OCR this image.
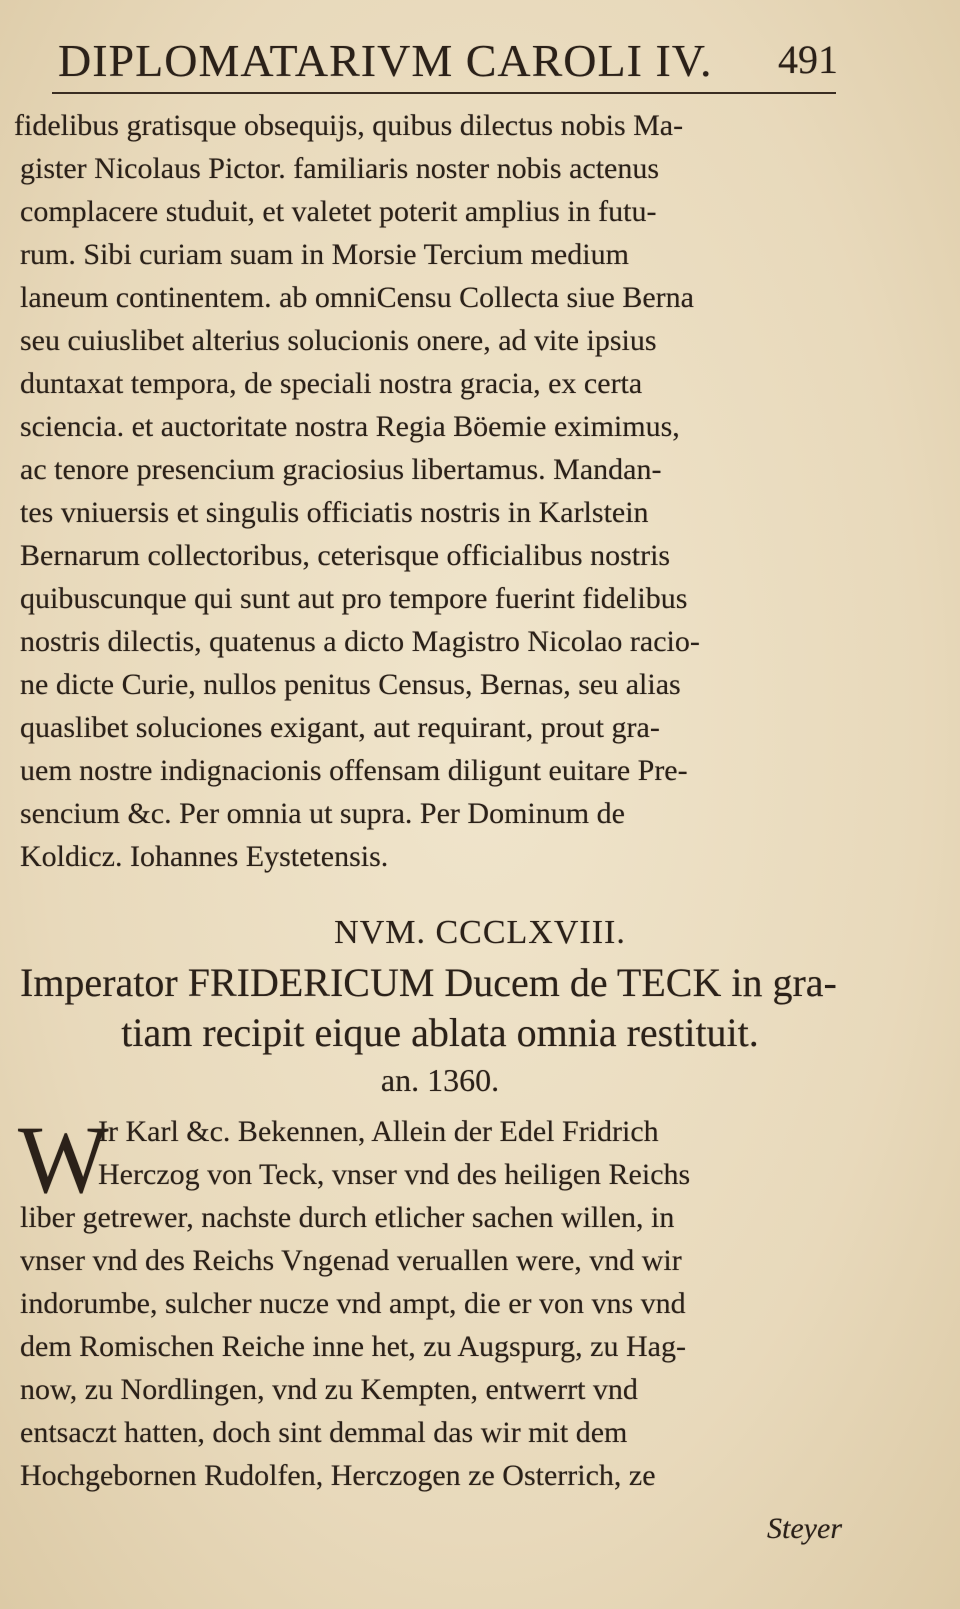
DIPLOMATARIVM CAROLI IV. 491
fidelibus gratisque obsequijs, quibus dilectus nobis Ma-
gister Nicolaus Pictor. familiaris noster nobis actenus
complacere studuit, et valetet poterit amplius in futu-
rum. Sibi curiam suam in Morsie Tercium medium
laneum continentem. ab omniCensu Collecta siue Berna
seu cuiuslibet alterius solucionis onere, ad vite ipsius
duntaxat tempora, de speciali nostra gracia, ex certa
sciencia. et auctoritate nostra Regia Böemie eximimus,
ac tenore presencium graciosius libertamus. Mandan-
tes vniuersis et singulis officiatis nostris in Karlstein
Bernarum collectoribus, ceterisque officialibus nostris
quibuscunque qui sunt aut pro tempore fuerint fidelibus
nostris dilectis, quatenus a dicto Magistro Nicolao racio-
ne dicte Curie, nullos penitus Census, Bernas, seu alias
quaslibet soluciones exigant, aut requirant, prout gra-
uem nostre indignacionis offensam diligunt euitare Pre-
sencium &c. Per omnia ut supra. Per Dominum de
Koldicz. Iohannes Eystetensis.
NVM. CCCLXVIII.
Imperator FRIDERICUM Ducem de TECK in gra-
tiam recipit eique ablata omnia restituit.
an. 1360.
W
Ir Karl &c. Bekennen, Allein der Edel Fridrich
Herczog von Teck, vnser vnd des heiligen Reichs
liber getrewer, nachste durch etlicher sachen willen, in
vnser vnd des Reichs Vngenad veruallen were, vnd wir
indorumbe, sulcher nucze vnd ampt, die er von vns vnd
dem Romischen Reiche inne het, zu Augspurg, zu Hag-
now, zu Nordlingen, vnd zu Kempten, entwerrt vnd
entsaczt hatten, doch sint demmal das wir mit dem
Hochgebornen Rudolfen, Herczogen ze Osterrich, ze
Steyer
